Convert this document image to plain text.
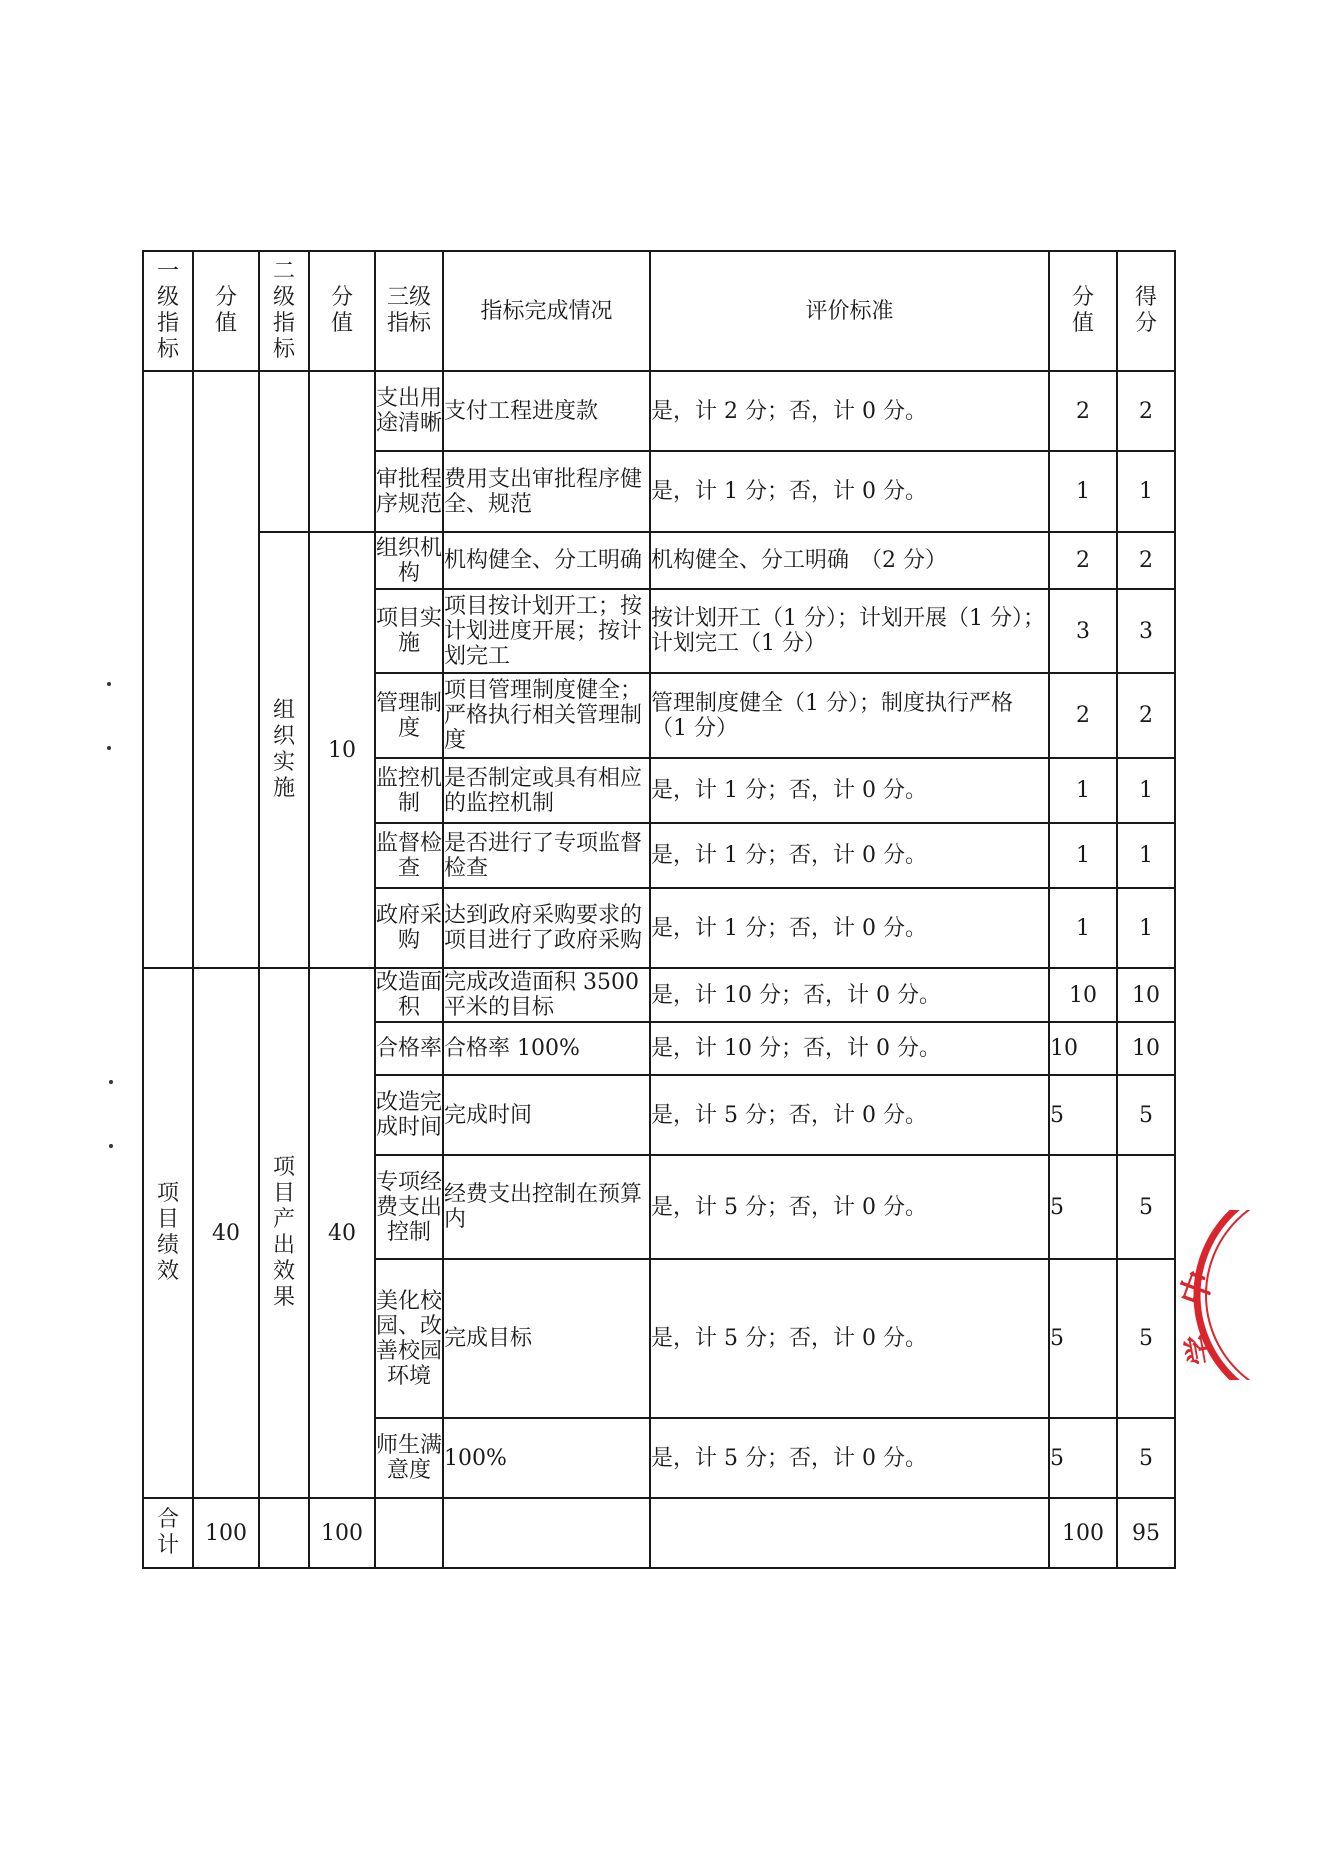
一级指标	分值	二级指标	分值	三级指标	指标完成情况	评价标准	分值	得分

				支出用途清晰	支付工程进度款	是，计 2 分；否，计 0 分。	2	2

				审批程序规范	费用支出审批程序健全、规范	是，计 1 分；否，计 0 分。	1	1
		组织实施	10	组织机构	机构健全、分工明确	机构健全、分工明确　（2 分）	2	2

				项目实施	项目按计划开工；按计划进度开展；按计划完工	按计划开工（1 分）；计划开展（1 分）；计划完工（1 分）	3	3

				管理制度	项目管理制度健全；严格执行相关管理制度	管理制度健全（1 分）；制度执行严格（1 分）	2	2

				监控机制	是否制定或具有相应的监控机制	是，计 1 分；否，计 0 分。	1	1

				监督检查	是否进行了专项监督检查	是，计 1 分；否，计 0 分。	1	1

				政府采购	达到政府采购要求的项目进行了政府采购	是，计 1 分；否，计 0 分。	1	1
项目绩效	40	项目产出效果	40	改造面积	完成改造面积 3500 平米的目标	是，计 10 分；否，计 0 分。	10	10

				合格率	合格率 100%	是，计 10 分；否，计 0 分。	10	10

				改造完成时间	完成时间	是，计 5 分；否，计 0 分。	5	5

				专项经费支出控制	经费支出控制在预算内	是，计 5 分；否，计 0 分。	5	5

				美化校园、改善校园环境	完成目标	是，计 5 分；否，计 0 分。	5	5

				师生满意度	100%	是，计 5 分；否，计 0 分。	5	5
合计	100		100				100	95
中
学
